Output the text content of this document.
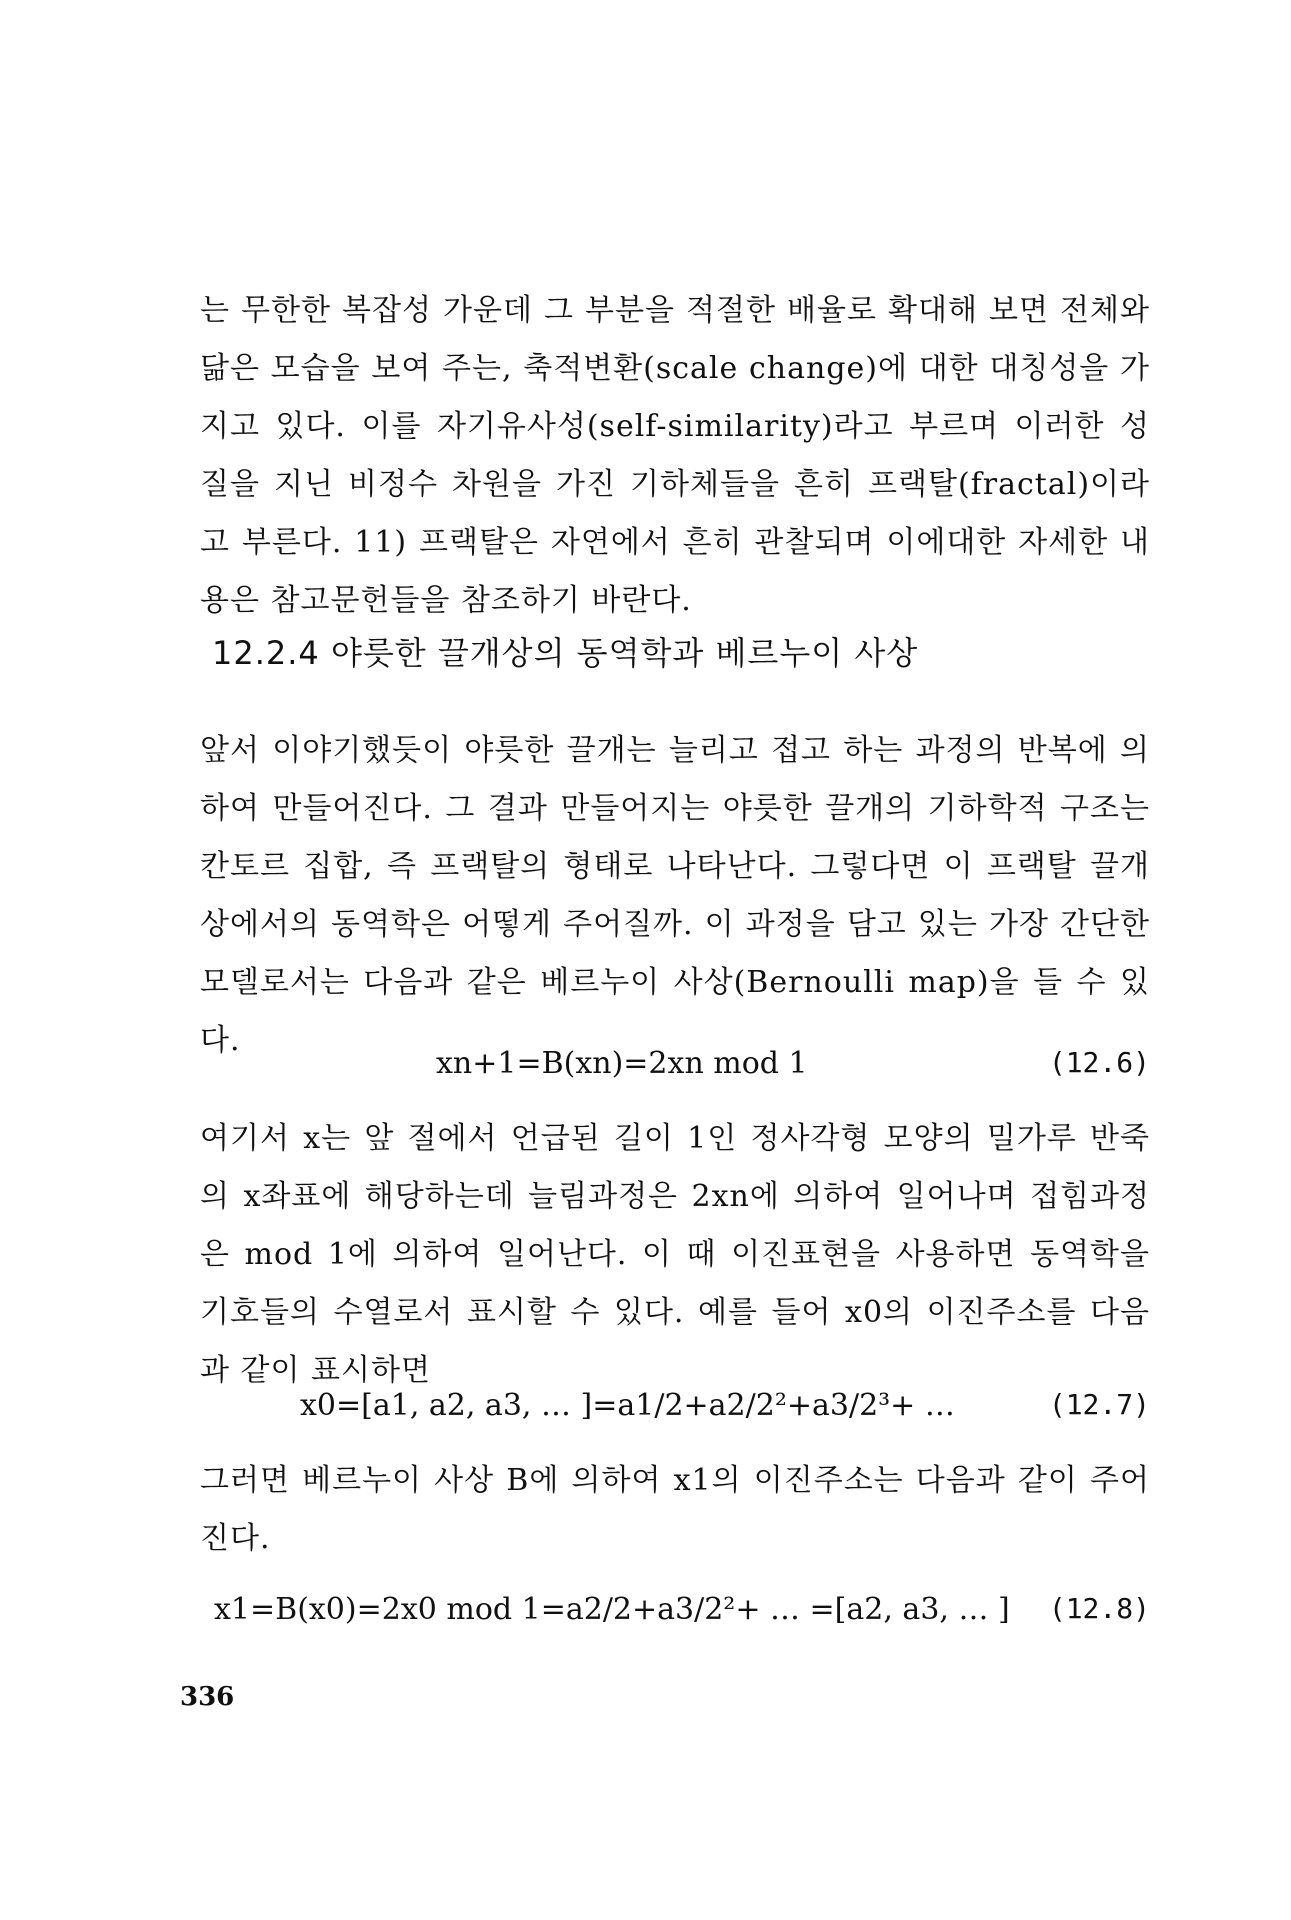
는 무한한 복잡성 가운데 그 부분을 적절한 배율로 확대해 보면 전체와 닮은 모습을 보여 주는, 축적변환(scale change)에 대한 대칭성을 가지고 있다. 이를 자기유사성(self-similarity)라고 부르며 이러한 성질을 지닌 비정수 차원을 가진 기하체들을 흔히 프랙탈(fractal)이라고 부른다. 11) 프랙탈은 자연에서 흔히 관찰되며 이에대한 자세한 내용은 참고문헌들을 참조하기 바란다.
12.2.4 야릇한 끌개상의 동역학과 베르누이 사상
앞서 이야기했듯이 야릇한 끌개는 늘리고 접고 하는 과정의 반복에 의하여 만들어진다. 그 결과 만들어지는 야릇한 끌개의 기하학적 구조는 칸토르 집합, 즉 프랙탈의 형태로 나타난다. 그렇다면 이 프랙탈 끌개상에서의 동역학은 어떻게 주어질까. 이 과정을 담고 있는 가장 간단한 모델로서는 다음과 같은 베르누이 사상(Bernoulli map)을 들 수 있다.
xn+1=B(xn)=2xn mod 1	(12.6)
여기서 x는 앞 절에서 언급된 길이 1인 정사각형 모양의 밀가루 반죽의 x좌표에 해당하는데 늘림과정은 2xn에 의하여 일어나며 접힘과정은 mod 1에 의하여 일어난다. 이 때 이진표현을 사용하면 동역학을 기호들의 수열로서 표시할 수 있다. 예를 들어 x0의 이진주소를 다음과 같이 표시하면
x0=[a1, a2, a3, … ]=a1/2+a2/2²+a3/2³+ …	(12.7)
그러면 베르누이 사상 B에 의하여 x1의 이진주소는 다음과 같이 주어진다.
x1=B(x0)=2x0 mod 1=a2/2+a3/2²+ … =[a2, a3, … ] (12.8)
336
